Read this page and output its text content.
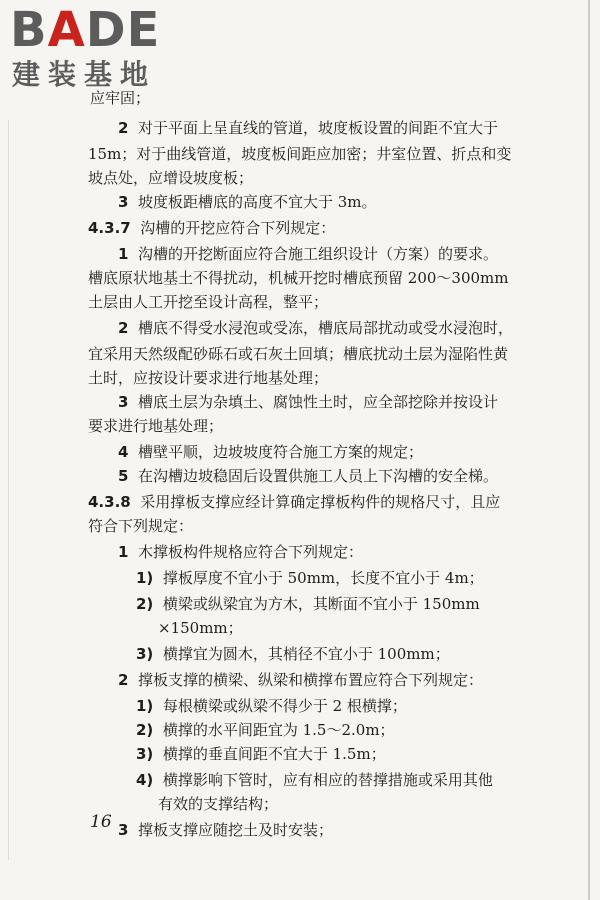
BADE
建装基地
应牢固；
2 对于平面上呈直线的管道，坡度板设置的间距不宜大于
15m；对于曲线管道，坡度板间距应加密；井室位置、折点和变
坡点处，应增设坡度板；
3 坡度板距槽底的高度不宜大于 3m。
4.3.7 沟槽的开挖应符合下列规定：
1 沟槽的开挖断面应符合施工组织设计（方案）的要求。
槽底原状地基土不得扰动，机械开挖时槽底预留 200～300mm
土层由人工开挖至设计高程，整平；
2 槽底不得受水浸泡或受冻，槽底局部扰动或受水浸泡时，
宜采用天然级配砂砾石或石灰土回填；槽底扰动土层为湿陷性黄
土时，应按设计要求进行地基处理；
3 槽底土层为杂填土、腐蚀性土时，应全部挖除并按设计
要求进行地基处理；
4 槽壁平顺，边坡坡度符合施工方案的规定；
5 在沟槽边坡稳固后设置供施工人员上下沟槽的安全梯。
4.3.8 采用撑板支撑应经计算确定撑板构件的规格尺寸，且应
符合下列规定：
1 木撑板构件规格应符合下列规定：
1) 撑板厚度不宜小于 50mm，长度不宜小于 4m；
2) 横梁或纵梁宜为方木，其断面不宜小于 150mm
×150mm；
3) 横撑宜为圆木，其梢径不宜小于 100mm；
2 撑板支撑的横梁、纵梁和横撑布置应符合下列规定：
1) 每根横梁或纵梁不得少于 2 根横撑；
2) 横撑的水平间距宜为 1.5～2.0m；
3) 横撑的垂直间距不宜大于 1.5m；
4) 横撑影响下管时，应有相应的替撑措施或采用其他
有效的支撑结构；
3 撑板支撑应随挖土及时安装；
16
